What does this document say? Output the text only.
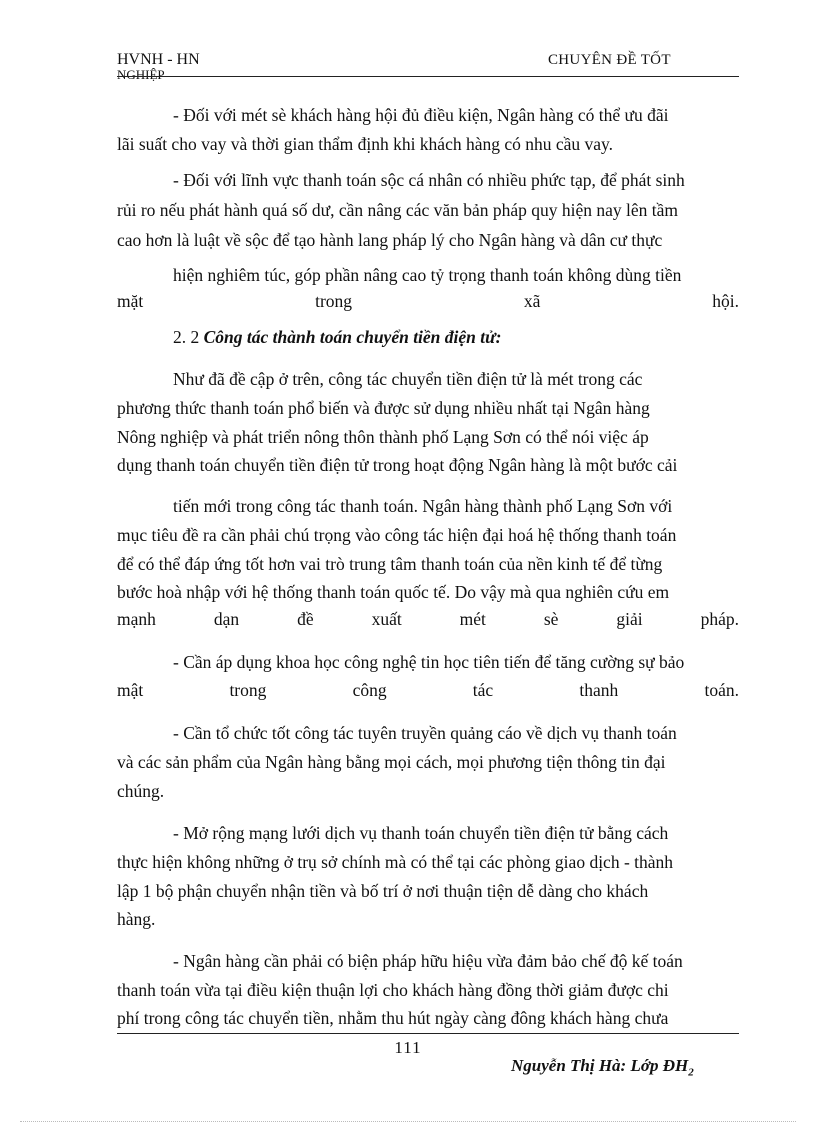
HVNH - HN
NGHIỆP
CHUYÊN ĐỀ TỐT
- Đối với mét sè khách hàng hội đủ điều kiện, Ngân hàng có thể ưu đãi
lãi suất cho vay và thời gian thẩm định khi khách hàng có nhu cầu vay.
- Đối với lĩnh vực thanh toán sộc cá nhân có nhiều phức tạp, để phát sinh
rủi ro nếu phát hành quá số dư, cần nâng các văn bản pháp quy hiện nay lên tầm
cao hơn là luật về sộc để tạo hành lang pháp lý cho Ngân hàng và dân cư thực
hiện nghiêm túc, góp phần nâng cao tỷ trọng thanh toán không dùng tiền
mặt	trong	xã	hội.
2. 2 Công tác thành toán chuyển tiền điện tử:
Như đã đề cập ở trên, công tác chuyển tiền điện tử là mét trong các
phương thức thanh toán phổ biến và được sử dụng nhiều nhất tại Ngân hàng
Nông nghiệp và phát triển nông thôn thành phố Lạng Sơn có thể nói việc áp
dụng thanh toán chuyển tiền điện tử trong hoạt động Ngân hàng là một bước cải
tiến mới trong công tác thanh toán. Ngân hàng thành phố Lạng Sơn với
mục tiêu đề ra cần phải chú trọng vào công tác hiện đại hoá hệ thống thanh toán
để có thể đáp ứng tốt hơn vai trò trung tâm thanh toán của nền kinh tế để từng
bước hoà nhập với hệ thống thanh toán quốc tế. Do vậy mà qua nghiên cứu em
mạnh	dạn	đề	xuất	mét	sè	giải	pháp.
- Cần áp dụng khoa học công nghệ tin học tiên tiến để tăng cường sự bảo
mật	trong	công	tác	thanh	toán.
- Cần tổ chức tốt công tác tuyên truyền quảng cáo về dịch vụ thanh toán
và các sản phẩm của Ngân hàng bằng mọi cách, mọi phương tiện thông tin đại
chúng.
- Mở rộng mạng lưới dịch vụ thanh toán chuyển tiền điện tử bằng cách
thực hiện không những ở trụ sở chính mà có thể tại các phòng giao dịch - thành
lập 1 bộ phận chuyển nhận tiền và bố trí ở nơi thuận tiện dễ dàng cho khách
hàng.
- Ngân hàng cần phải có biện pháp hữu hiệu vừa đảm bảo chế độ kế toán
thanh toán vừa tại điều kiện thuận lợi cho khách hàng đồng thời giảm được chi
phí trong công tác chuyển tiền, nhằm thu hút ngày càng đông khách hàng chưa
111
Nguyễn Thị Hà: Lớp $ĐH_2$
